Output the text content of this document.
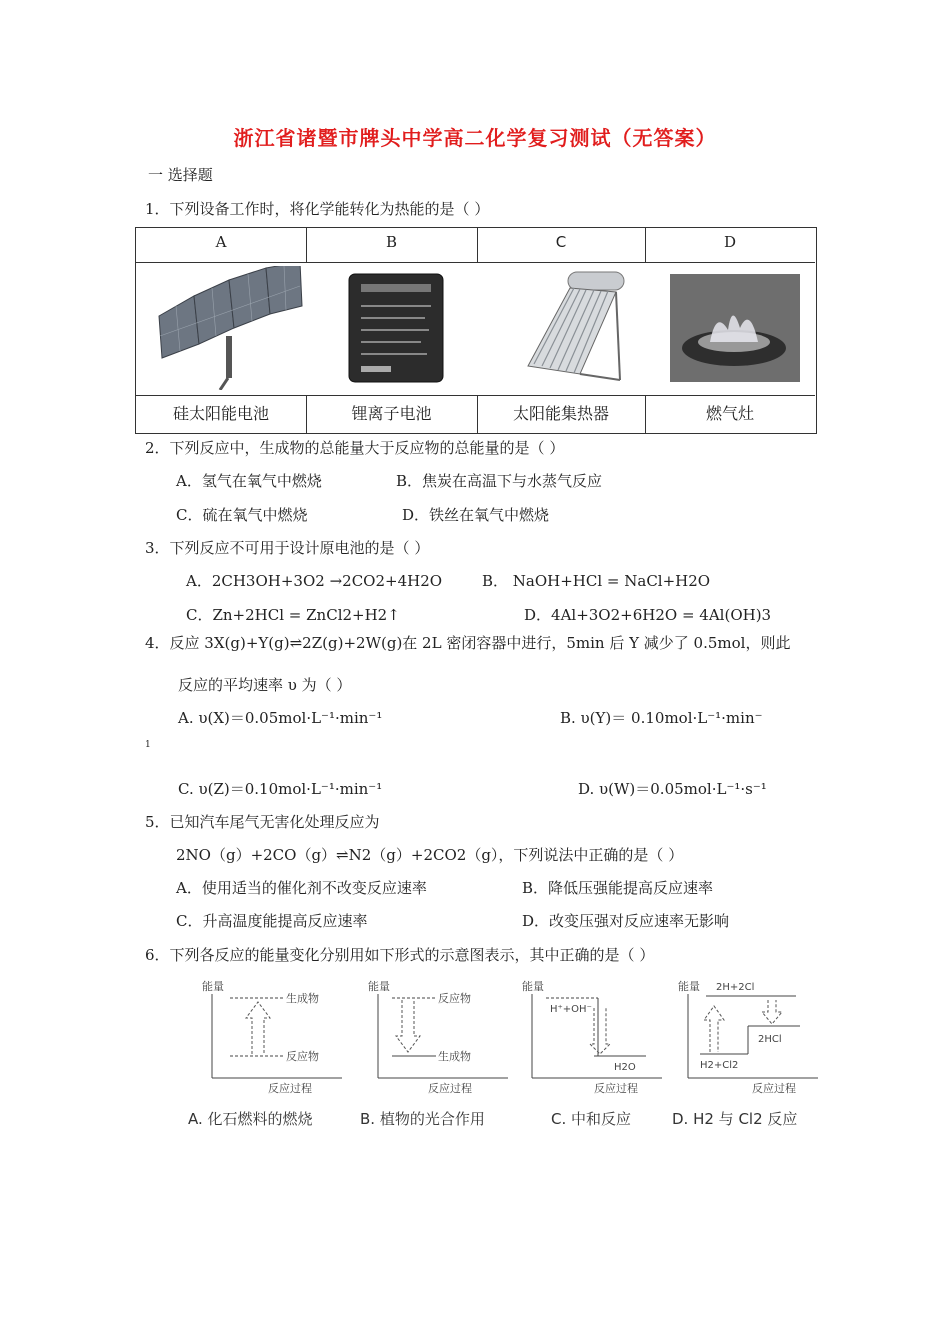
浙江省诸暨市牌头中学高二化学复习测试（无答案）
一 选择题
1．下列设备工作时，将化学能转化为热能的是（ ）
A	B	C	D
硅太阳能电池	锂离子电池	太阳能集热器	燃气灶
2．下列反应中，生成物的总能量大于反应物的总能量的是（ ）
A．氢气在氧气中燃烧	B．焦炭在高温下与水蒸气反应
C．硫在氧气中燃烧	D．铁丝在氧气中燃烧
3．下列反应不可用于设计原电池的是（ ）
A．2CH3OH+3O2 →2CO2+4H2O	B． NaOH+HCl = NaCl+H2O
C．Zn+2HCl = ZnCl2+H2↑	D．4Al+3O2+6H2O = 4Al(OH)3
4．反应 3X(g)+Y(g)⇌2Z(g)+2W(g)在 2L 密闭容器中进行，5min 后 Y 减少了 0.5mol，则此
反应的平均速率 υ 为（ ）
A. υ(X)＝0.05mol·L⁻¹·min⁻¹	B. υ(Y)＝ 0.10mol·L⁻¹·min⁻
1
C. υ(Z)＝0.10mol·L⁻¹·min⁻¹	D. υ(W)＝0.05mol·L⁻¹·s⁻¹
5．已知汽车尾气无害化处理反应为
2NO（g）+2CO（g）⇌N2（g）+2CO2（g），下列说法中正确的是（ ）
A．使用适当的催化剂不改变反应速率	B．降低压强能提高反应速率
C．升高温度能提高反应速率	D．改变压强对反应速率无影响
6．下列各反应的能量变化分别用如下形式的示意图表示，其中正确的是（ ）
能量
生成物
反应物
反应过程
能量
反应物
生成物
反应过程
能量
H⁺+OH⁻
H2O
反应过程
能量 2H+2Cl
2HCl
H2+Cl2
反应过程
A. 化石燃料的燃烧	B. 植物的光合作用	C. 中和反应	D. H2 与 Cl2 反应
